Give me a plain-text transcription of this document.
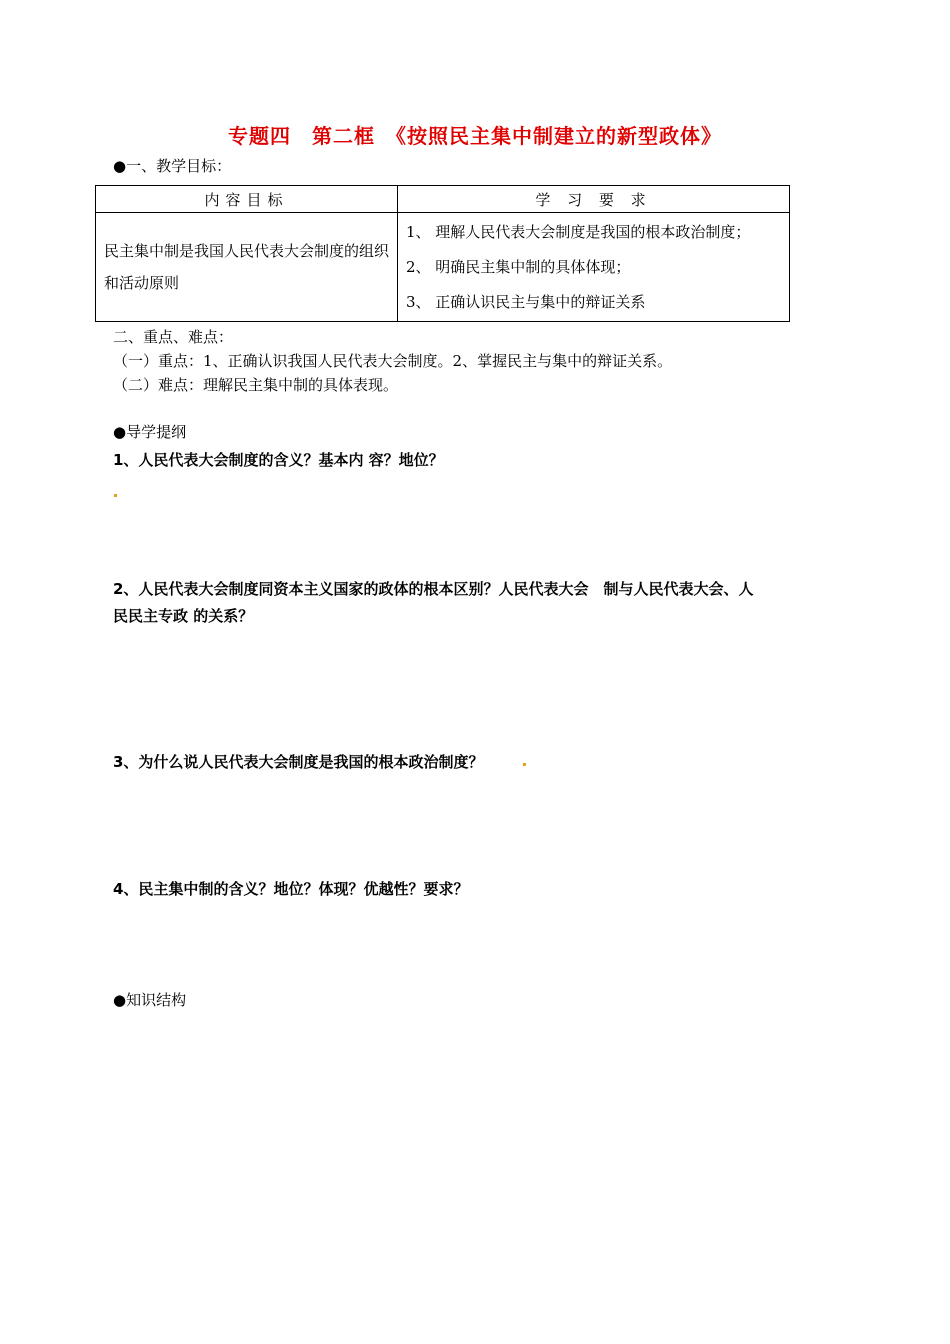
专题四　第二框　《按照民主集中制建立的新型政体》
●一、教学目标：
内容目标	学 习 要 求
民主集中制是我国人民代表大会制度的组织和活动原则	1、 理解人民代表大会制度是我国的根本政治制度；
2、 明确民主集中制的具体体现；
3、 正确认识民主与集中的辩证关系
二、重点、难点：
（一）重点：1、正确认识我国人民代表大会制度。2、掌握民主与集中的辩证关系。
（二）难点：理解民主集中制的具体表现。
●导学提纲
1、人民代表大会制度的含义？基本内 容？地位？
2、人民代表大会制度同资本主义国家的政体的根本区别？人民代表大会　制与人民代表大会、人
民民主专政 的关系？
3、为什么说人民代表大会制度是我国的根本政治制度？
4、民主集中制的含义？地位？体现？优越性？要求？
●知识结构
